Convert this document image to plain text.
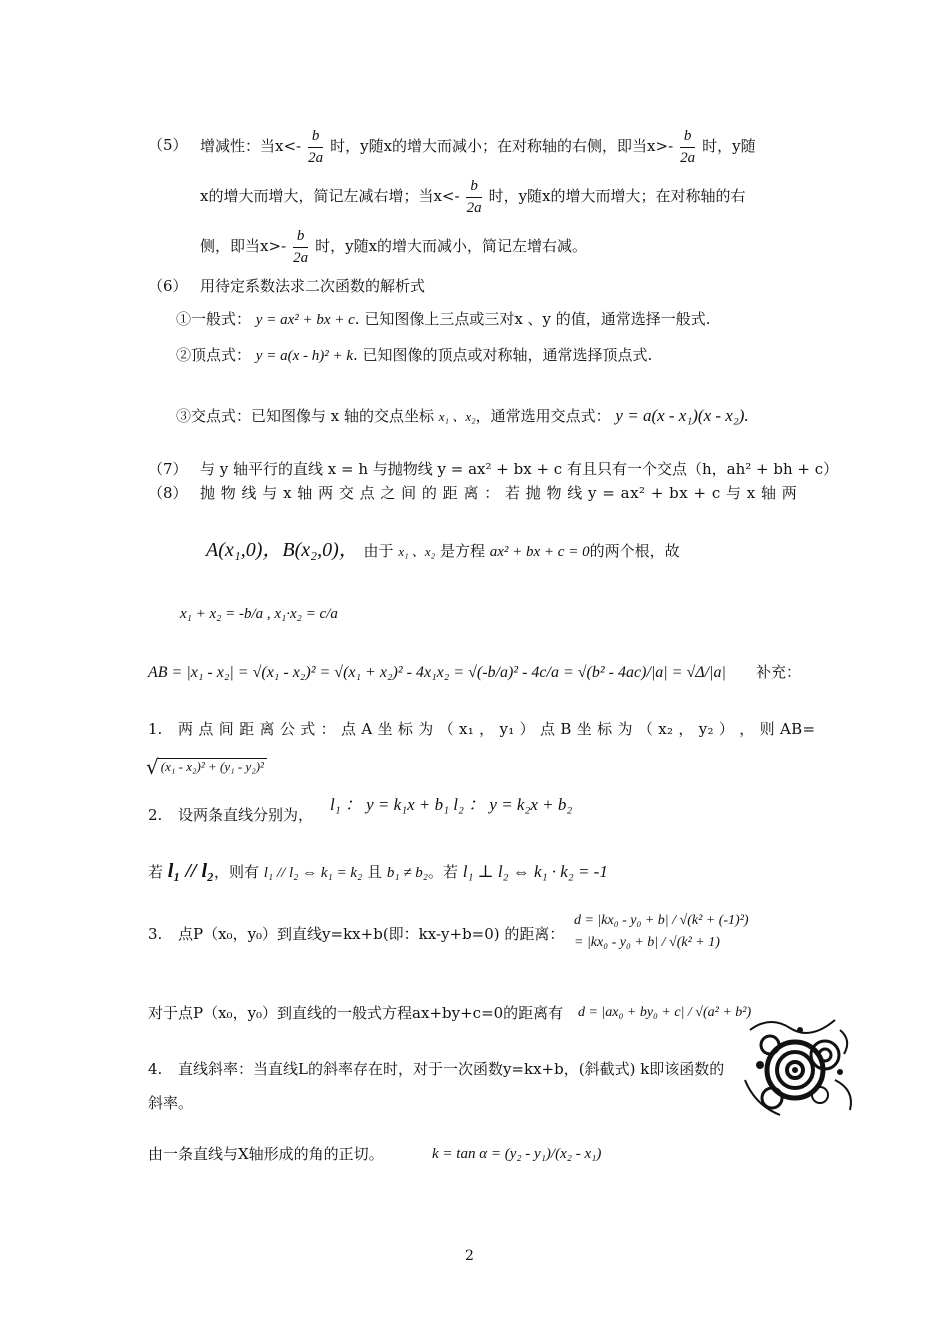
（5） 增减性：当$x<- \frac{b}{2a}$ 时，y随x的增大而减小；在对称轴的右侧，即当$x>- \frac{b}{2a}$ 时，y随
x的增大而增大，简记左减右增；当$x<- \frac{b}{2a}$ 时，y随x的增大而增大；在对称轴的右
侧，即当$x>- \frac{b}{2a}$ 时，y随x的增大而减小，简记左增右减。
（6） 用待定系数法求二次函数的解析式
①一般式： y = ax² + bx + c. 已知图像上三点或三对x 、y 的值，通常选择一般式.
②顶点式： y = a(x - h)² + k. 已知图像的顶点或对称轴，通常选择顶点式.
③交点式：已知图像与 x 轴的交点坐标 x₁ 、x₂，通常选用交点式： y = a(x - x₁)(x - x₂).
（7） 与 y 轴平行的直线 x = h 与抛物线 y = ax² + bx + c 有且只有一个交点（h，ah² + bh + c）
（8） 抛 物 线 与 x 轴 两 交 点 之 间 的 距 离 ： 若 抛 物 线 y = ax² + bx + c 与 x 轴 两
A(x₁,0)，B(x₂,0)， 由于 x₁ 、x₂ 是方程 ax² + bx + c = 0的两个根，故
x₁ + x₂ = -b/a , x₁·x₂ = c/a
AB = |x₁ - x₂| = √(x₁ - x₂)² = √(x₁ + x₂)² - 4x₁x₂ = √(-b/a)² - 4c/a = √(b² - 4ac)/|a| = √Δ/|a| 补充：
1. 两 点 间 距 离 公 式 ： 点 A 坐 标 为 （ x₁ ， y₁ ） 点 B 坐 标 为 （ x₂ ， y₂ ） ， 则 AB=
√ (x₁ - x₂)² + (y₁ - y₂)²
2. 设两条直线分别为，
l₁ ： y = k₁x + b₁ l₂ ： y = k₂x + b₂
若 l₁ // l₂，则有 l₁ // l₂ ⇔ k₁ = k₂ 且 b₁ ≠ b₂。若 l₁ ⊥ l₂ ⇔ k₁ · k₂ = -1
3. 点P（x₀，y₀）到直线y=kx+b(即：kx-y+b=0) 的距离：
d = |kx₀ - y₀ + b| / √(k² + (-1)²)
= |kx₀ - y₀ + b| / √(k² + 1)
对于点P（x₀，y₀）到直线的一般式方程ax+by+c=0的距离有 d = |ax₀ + by₀ + c| / √(a² + b²)
4. 直线斜率：当直线L的斜率存在时，对于一次函数y=kx+b，(斜截式) k即该函数的
斜率。
由一条直线与X轴形成的角的正切。	k = tan α = (y₂ - y₁)/(x₂ - x₁)
2
